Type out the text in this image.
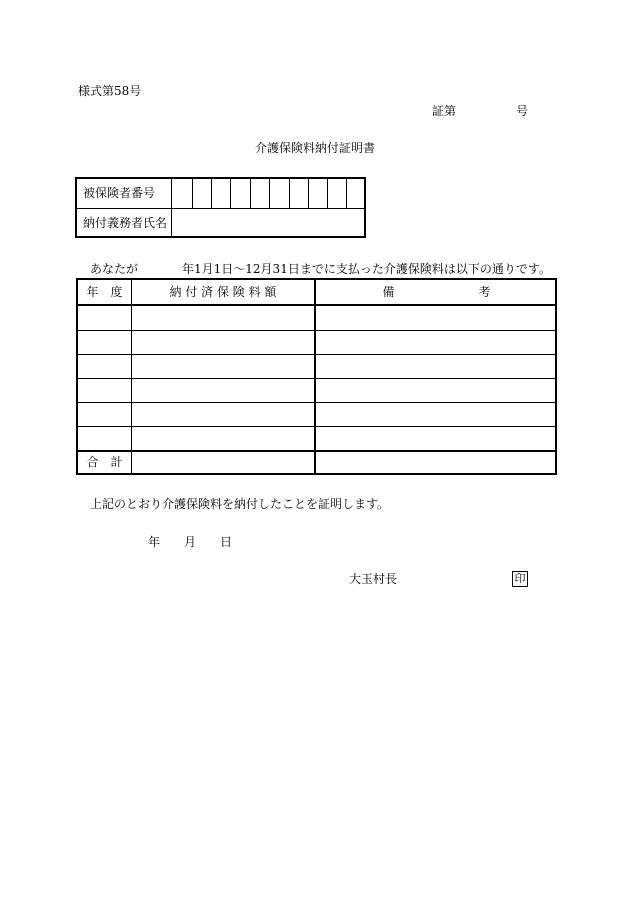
様式第58号
証第	号
介護保険料納付証明書
被保険者番号
納付義務者氏名
あなたが	年1月1日～12月31日までに支払った介護保険料は以下の通りです。
年　度	納 付 済 保 険 料 額	備　　　　　　　考
合　計
上記のとおり介護保険料を納付したことを証明します。
年 月 日
大玉村長	印
